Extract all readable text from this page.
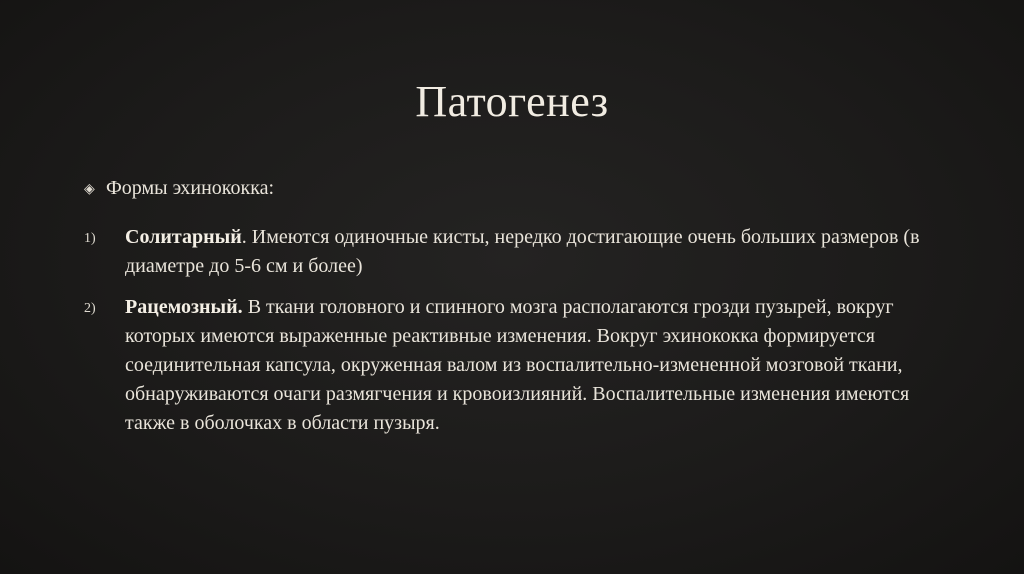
Патогенез
◈ Формы эхинококка:
1)	Солитарный. Имеются одиночные кисты, нередко достигающие очень больших размеров (в диаметре до 5-6 см и более)
2)	Рацемозный. В ткани головного и спинного мозга располагаются грозди пузырей, вокруг которых имеются выраженные реактивные изменения. Вокруг эхинококка формируется соединительная капсула, окруженная валом из воспалительно-измененной мозговой ткани, обнаруживаются очаги размягчения и кровоизлияний. Воспалительные изменения имеются также в оболочках в области пузыря.
